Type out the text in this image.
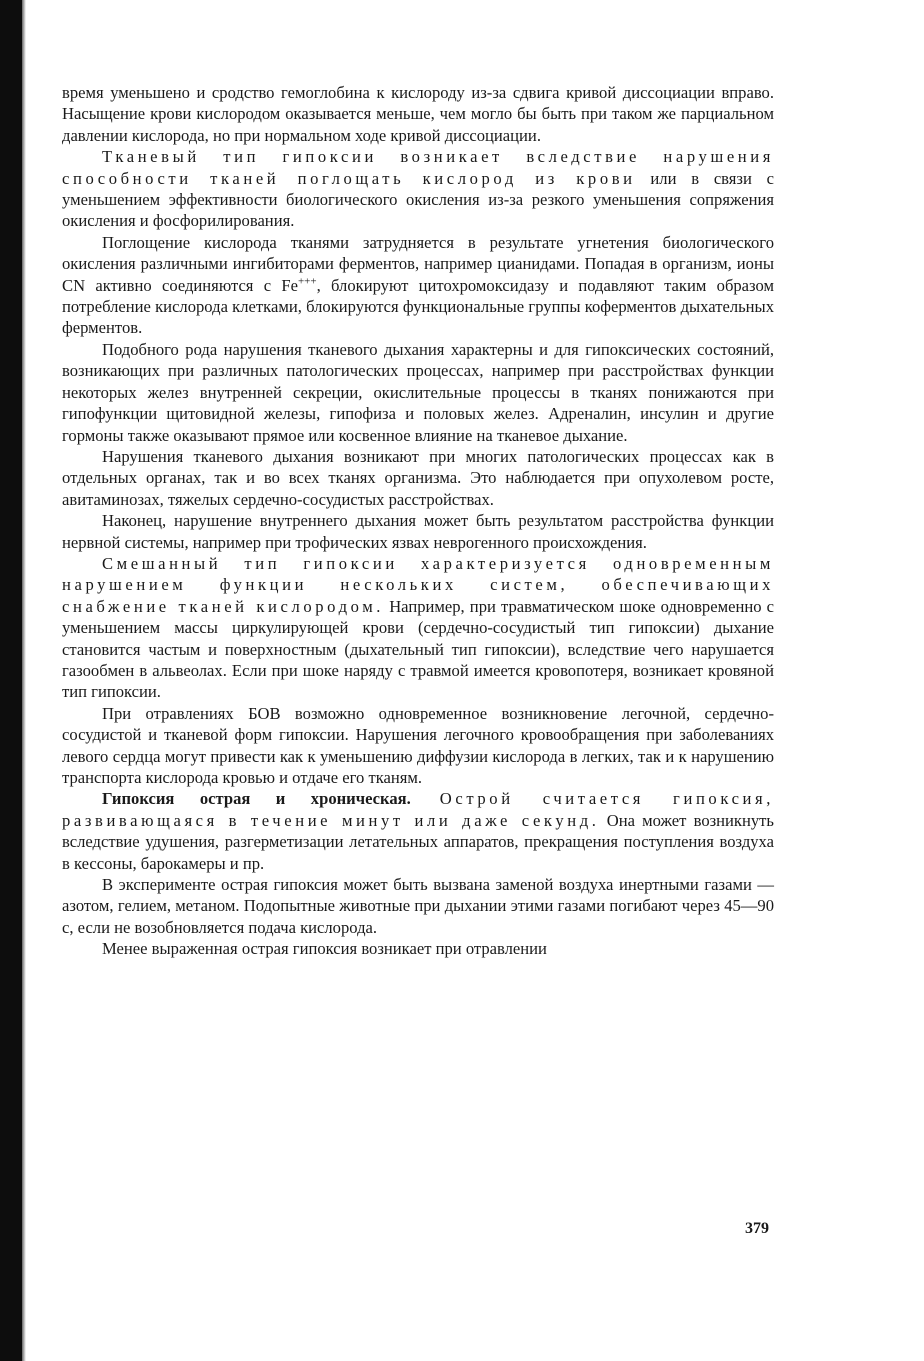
время уменьшено и сродство гемоглобина к кислороду из-за сдвига кривой диссоциации вправо. Насыщение крови кислородом оказывается меньше, чем могло бы быть при таком же парциальном давлении кислорода, но при нормальном ходе кривой диссоциации.

Тканевый тип гипоксии возникает вследствие нарушения способности тканей поглощать кислород из крови или в связи с уменьшением эффективности биологического окисления из-за резкого уменьшения сопряжения окисления и фосфорилирования.

Поглощение кислорода тканями затрудняется в результате угнетения биологического окисления различными ингибиторами ферментов, например цианидами. Попадая в организм, ионы CN активно соединяются с Fe+++, блокируют цитохромоксидазу и подавляют таким образом потребление кислорода клетками, блокируются функциональные группы коферментов дыхательных ферментов.

Подобного рода нарушения тканевого дыхания характерны и для гипоксических состояний, возникающих при различных патологических процессах, например при расстройствах функции некоторых желез внутренней секреции, окислительные процессы в тканях понижаются при гипофункции щитовидной железы, гипофиза и половых желез. Адреналин, инсулин и другие гормоны также оказывают прямое или косвенное влияние на тканевое дыхание.

Нарушения тканевого дыхания возникают при многих патологических процессах как в отдельных органах, так и во всех тканях организма. Это наблюдается при опухолевом росте, авитаминозах, тяжелых сердечно-сосудистых расстройствах.

Наконец, нарушение внутреннего дыхания может быть результатом расстройства функции нервной системы, например при трофических язвах неврогенного происхождения.

Смешанный тип гипоксии характеризуется одновременным нарушением функции нескольких систем, обеспечивающих снабжение тканей кислородом. Например, при травматическом шоке одновременно с уменьшением массы циркулирующей крови (сердечно-сосудистый тип гипоксии) дыхание становится частым и поверхностным (дыхательный тип гипоксии), вследствие чего нарушается газообмен в альвеолах. Если при шоке наряду с травмой имеется кровопотеря, возникает кровяной тип гипоксии.

При отравлениях БОВ возможно одновременное возникновение легочной, сердечно-сосудистой и тканевой форм гипоксии. Нарушения легочного кровообращения при заболеваниях левого сердца могут привести как к уменьшению диффузии кислорода в легких, так и к нарушению транспорта кислорода кровью и отдаче его тканям.

Гипоксия острая и хроническая. Острой считается гипоксия, развивающаяся в течение минут или даже секунд. Она может возникнуть вследствие удушения, разгерметизации летательных аппаратов, прекращения поступления воздуха в кессоны, барокамеры и пр.

В эксперименте острая гипоксия может быть вызвана заменой воздуха инертными газами — азотом, гелием, метаном. Подопытные животные при дыхании этими газами погибают через 45—90 с, если не возобновляется подача кислорода.

Менее выраженная острая гипоксия возникает при отравлении

379
